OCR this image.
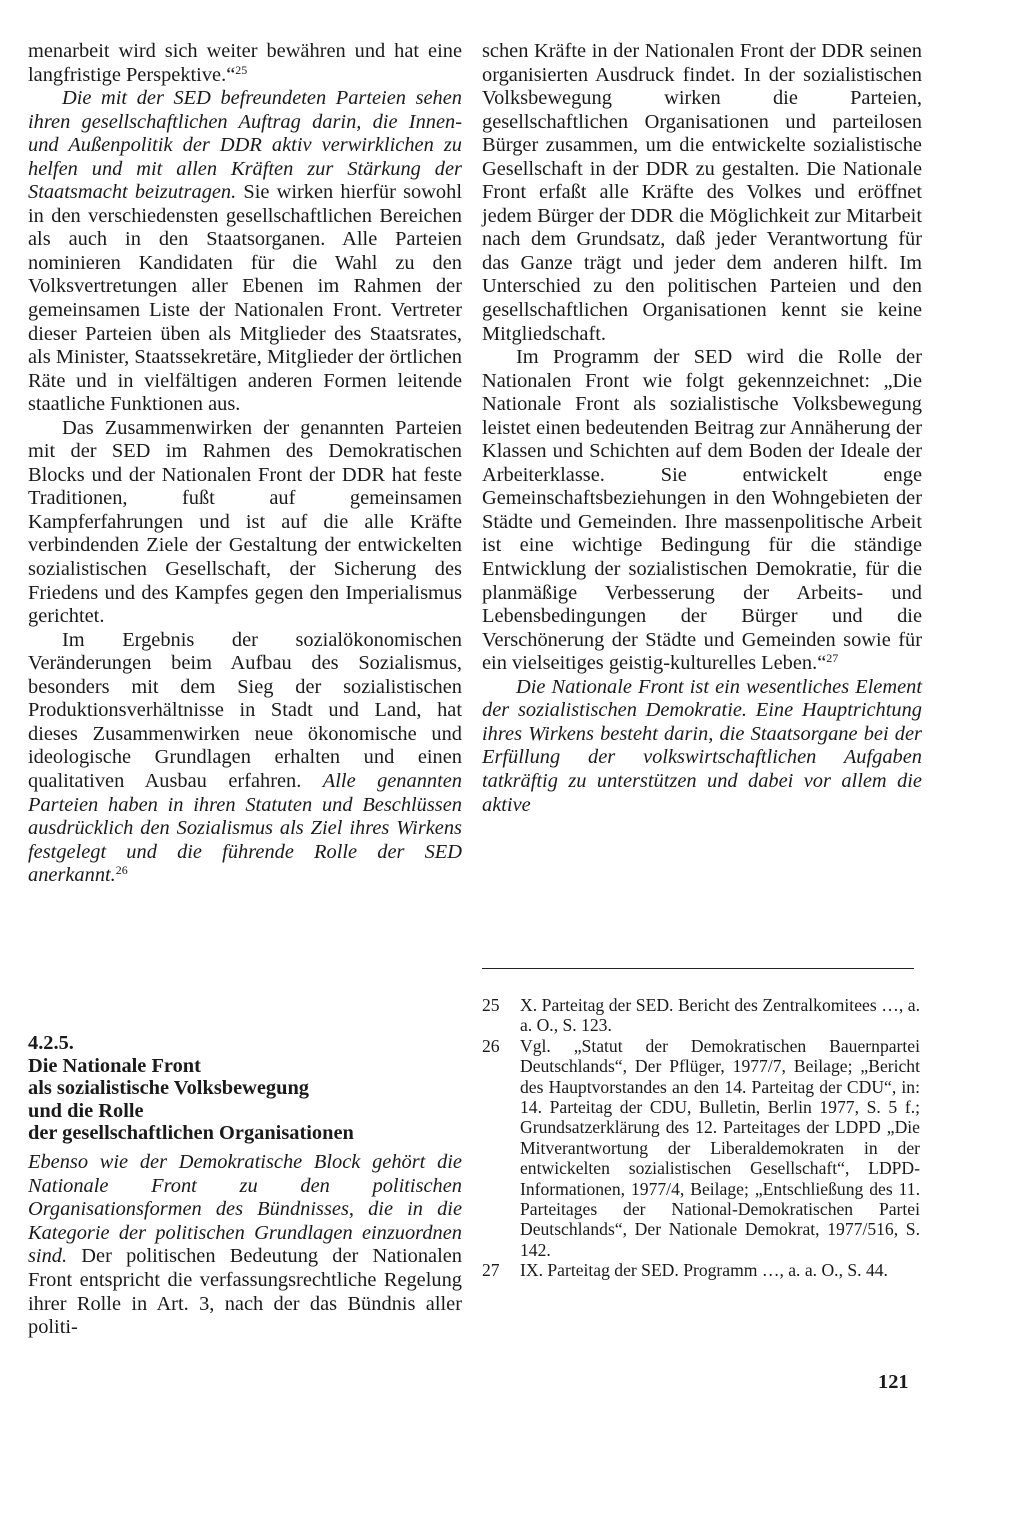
menarbeit wird sich weiter bewähren und hat eine langfristige Perspektive.“$^{25}$

Die mit der SED befreundeten Parteien sehen ihren gesellschaftlichen Auftrag darin, die Innen- und Außenpolitik der DDR aktiv verwirklichen zu helfen und mit allen Kräften zur Stärkung der Staatsmacht beizutragen. Sie wirken hierfür sowohl in den verschiedensten gesellschaftlichen Bereichen als auch in den Staatsorganen. Alle Parteien nominieren Kandidaten für die Wahl zu den Volksvertretungen aller Ebenen im Rahmen der gemeinsamen Liste der Nationalen Front. Vertreter dieser Parteien üben als Mitglieder des Staatsrates, als Minister, Staatssekretäre, Mitglieder der örtlichen Räte und in vielfältigen anderen Formen leitende staatliche Funktionen aus.

Das Zusammenwirken der genannten Parteien mit der SED im Rahmen des Demokratischen Blocks und der Nationalen Front der DDR hat feste Traditionen, fußt auf gemeinsamen Kampferfahrungen und ist auf die alle Kräfte verbindenden Ziele der Gestaltung der entwickelten sozialistischen Gesellschaft, der Sicherung des Friedens und des Kampfes gegen den Imperialismus gerichtet.

Im Ergebnis der sozialökonomischen Veränderungen beim Aufbau des Sozialismus, besonders mit dem Sieg der sozialistischen Produktionsverhältnisse in Stadt und Land, hat dieses Zusammenwirken neue ökonomische und ideologische Grundlagen erhalten und einen qualitativen Ausbau erfahren. Alle genannten Parteien haben in ihren Statuten und Beschlüssen ausdrücklich den Sozialismus als Ziel ihres Wirkens festgelegt und die führende Rolle der SED anerkannt.$^{26}$

4.2.5.
Die Nationale Front
als sozialistische Volksbewegung
und die Rolle
der gesellschaftlichen Organisationen

Ebenso wie der Demokratische Block gehört die Nationale Front zu den politischen Organisationsformen des Bündnisses, die in die Kategorie der politischen Grundlagen einzuordnen sind. Der politischen Bedeutung der Nationalen Front entspricht die verfassungsrechtliche Regelung ihrer Rolle in Art. 3, nach der das Bündnis aller politi-

schen Kräfte in der Nationalen Front der DDR seinen organisierten Ausdruck findet. In der sozialistischen Volksbewegung wirken die Parteien, gesellschaftlichen Organisationen und parteilosen Bürger zusammen, um die entwickelte sozialistische Gesellschaft in der DDR zu gestalten. Die Nationale Front erfaßt alle Kräfte des Volkes und eröffnet jedem Bürger der DDR die Möglichkeit zur Mitarbeit nach dem Grundsatz, daß jeder Verantwortung für das Ganze trägt und jeder dem anderen hilft. Im Unterschied zu den politischen Parteien und den gesellschaftlichen Organisationen kennt sie keine Mitgliedschaft.

Im Programm der SED wird die Rolle der Nationalen Front wie folgt gekennzeichnet: „Die Nationale Front als sozialistische Volksbewegung leistet einen bedeutenden Beitrag zur Annäherung der Klassen und Schichten auf dem Boden der Ideale der Arbeiterklasse. Sie entwickelt enge Gemeinschaftsbeziehungen in den Wohngebieten der Städte und Gemeinden. Ihre massenpolitische Arbeit ist eine wichtige Bedingung für die ständige Entwicklung der sozialistischen Demokratie, für die planmäßige Verbesserung der Arbeits- und Lebensbedingungen der Bürger und die Verschönerung der Städte und Gemeinden sowie für ein vielseitiges geistig-kulturelles Leben.“$^{27}$

Die Nationale Front ist ein wesentliches Element der sozialistischen Demokratie. Eine Hauptrichtung ihres Wirkens besteht darin, die Staatsorgane bei der Erfüllung der volkswirtschaftlichen Aufgaben tatkräftig zu unterstützen und dabei vor allem die aktive

25 X. Parteitag der SED. Bericht des Zentralkomitees …, a. a. O., S. 123.

26 Vgl. „Statut der Demokratischen Bauernpartei Deutschlands“, Der Pflüger, 1977/7, Beilage; „Bericht des Hauptvorstandes an den 14. Parteitag der CDU“, in: 14. Parteitag der CDU, Bulletin, Berlin 1977, S. 5 f.; Grundsatzerklärung des 12. Parteitages der LDPD „Die Mitverantwortung der Liberaldemokraten in der entwickelten sozialistischen Gesellschaft“, LDPD-Informationen, 1977/4, Beilage; „Entschließung des 11. Parteitages der National-Demokratischen Partei Deutschlands“, Der Nationale Demokrat, 1977/516, S. 142.

27 IX. Parteitag der SED. Programm …, a. a. O., S. 44.

121
